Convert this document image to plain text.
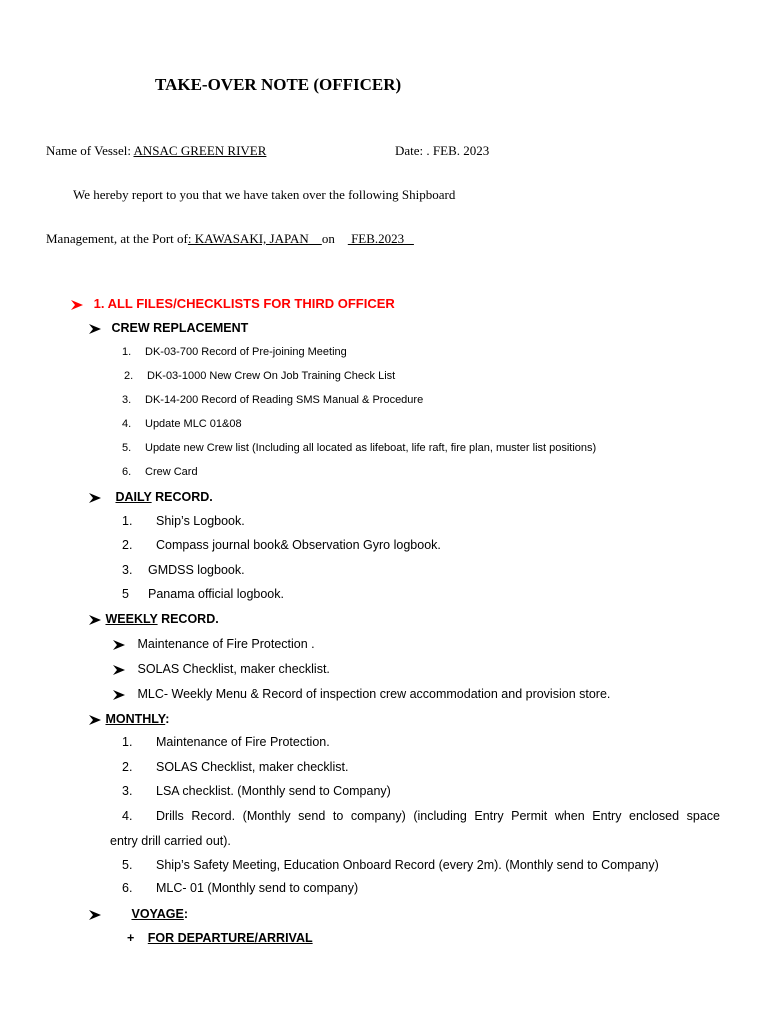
TAKE-OVER NOTE (OFFICER)
Name of Vessel: ANSAC GREEN RIVER	Date: . FEB. 2023
We hereby report to you that we have taken over the following Shipboard
Management, at the Port of: KAWASAKI, JAPAN    on     FEB.2023
1. ALL FILES/CHECKLISTS FOR THIRD OFFICER
CREW REPLACEMENT
1. DK-03-700 Record of Pre-joining Meeting
2. DK-03-1000 New Crew On Job Training Check List
3. DK-14-200 Record of Reading SMS Manual & Procedure
4. Update MLC 01&08
5. Update new Crew list (Including all located as lifeboat, life raft, fire plan, muster list positions)
6. Crew Card
DAILY RECORD.
1. Ship’s Logbook.
2. Compass journal book& Observation Gyro logbook.
3. GMDSS logbook.
5 Panama official logbook.
WEEKLY RECORD.
Maintenance of Fire Protection .
SOLAS Checklist, maker checklist.
MLC- Weekly Menu & Record of inspection crew accommodation and provision store.
MONTHLY:
1. Maintenance of Fire Protection.
2. SOLAS Checklist, maker checklist.
3. LSA checklist. (Monthly send to Company)
4. Drills Record. (Monthly send to company) (including Entry Permit when Entry enclosed space
entry drill carried out).
5. Ship’s Safety Meeting, Education Onboard Record (every 2m). (Monthly send to Company)
6. MLC- 01 (Monthly send to company)
VOYAGE:
+ FOR DEPARTURE/ARRIVAL
